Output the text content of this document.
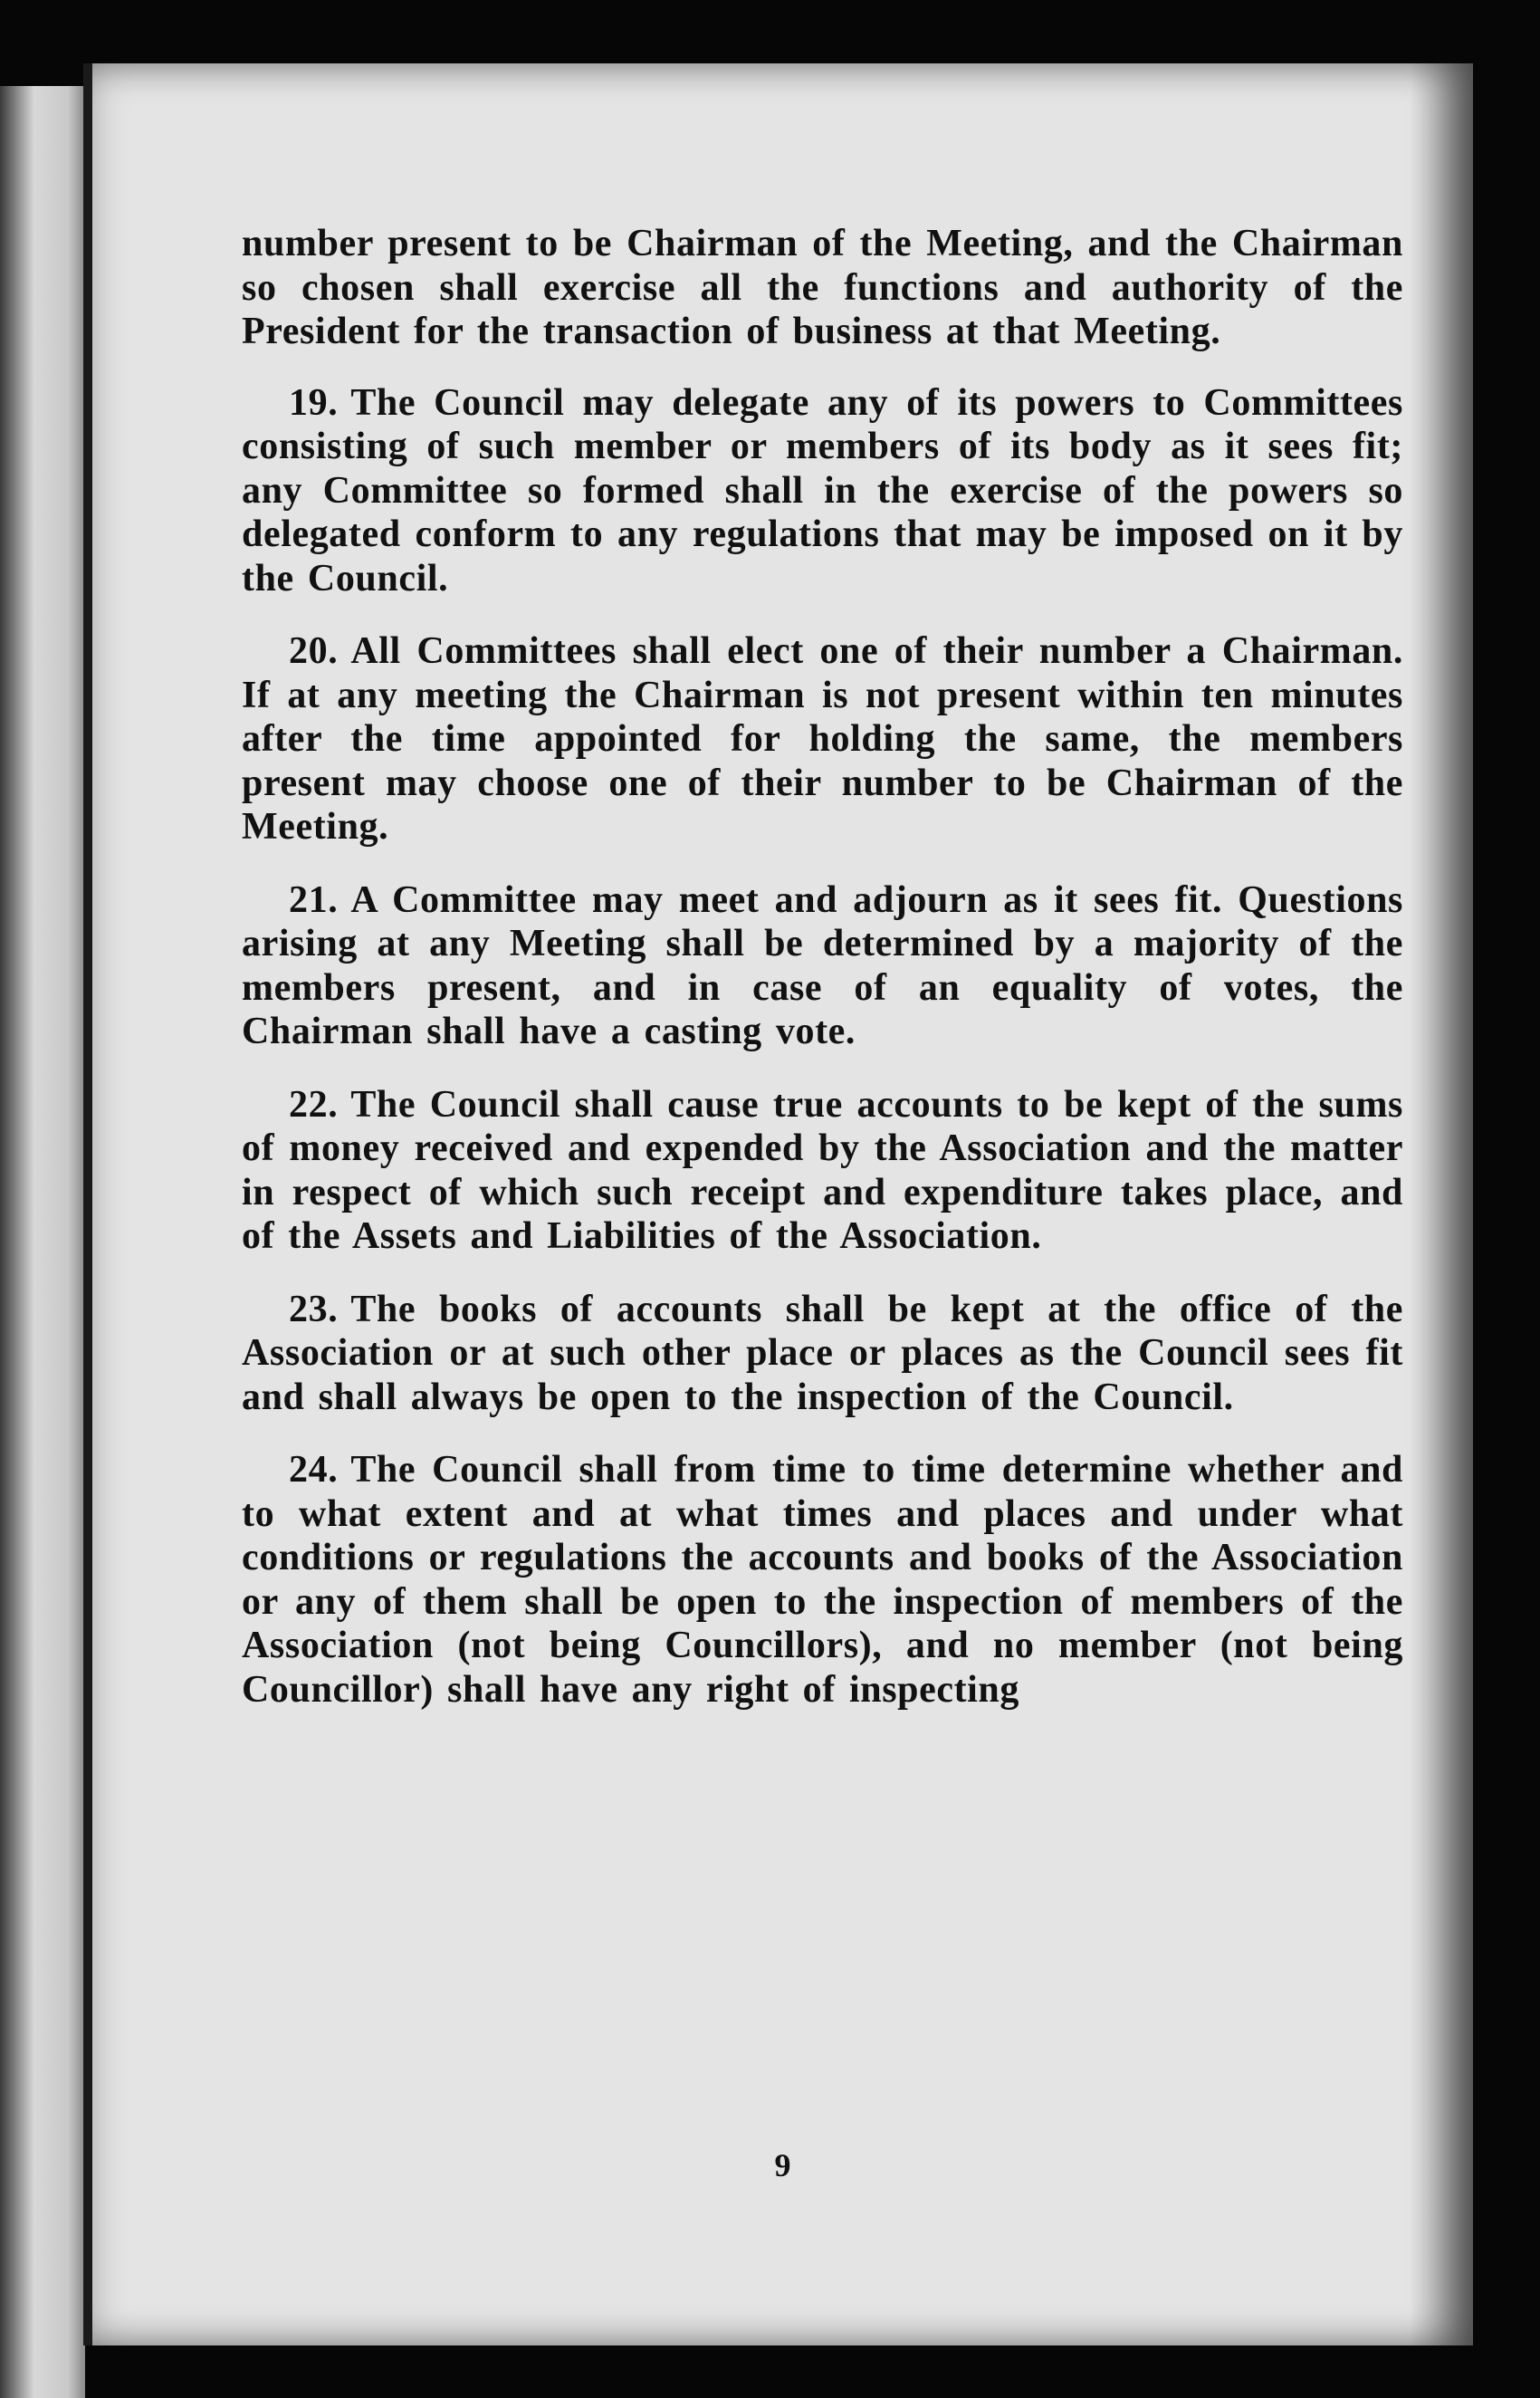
number present to be Chairman of the Meeting, and the Chairman so chosen shall exercise all the functions and authority of the President for the transaction of business at that Meeting.

19. The Council may delegate any of its powers to Committees consisting of such member or members of its body as it sees fit; any Committee so formed shall in the exercise of the powers so delegated conform to any regulations that may be imposed on it by the Council.

20. All Committees shall elect one of their number a Chairman. If at any meeting the Chairman is not present within ten minutes after the time appointed for holding the same, the members present may choose one of their number to be Chairman of the Meeting.

21. A Committee may meet and adjourn as it sees fit. Questions arising at any Meeting shall be determined by a majority of the members present, and in case of an equality of votes, the Chairman shall have a casting vote.

22. The Council shall cause true accounts to be kept of the sums of money received and expended by the Association and the matter in respect of which such receipt and expenditure takes place, and of the Assets and Liabilities of the Association.

23. The books of accounts shall be kept at the office of the Association or at such other place or places as the Council sees fit and shall always be open to the inspection of the Council.

24. The Council shall from time to time determine whether and to what extent and at what times and places and under what conditions or regulations the accounts and books of the Association or any of them shall be open to the inspection of members of the Association (not being Councillors), and no member (not being Councillor) shall have any right of inspecting

9
